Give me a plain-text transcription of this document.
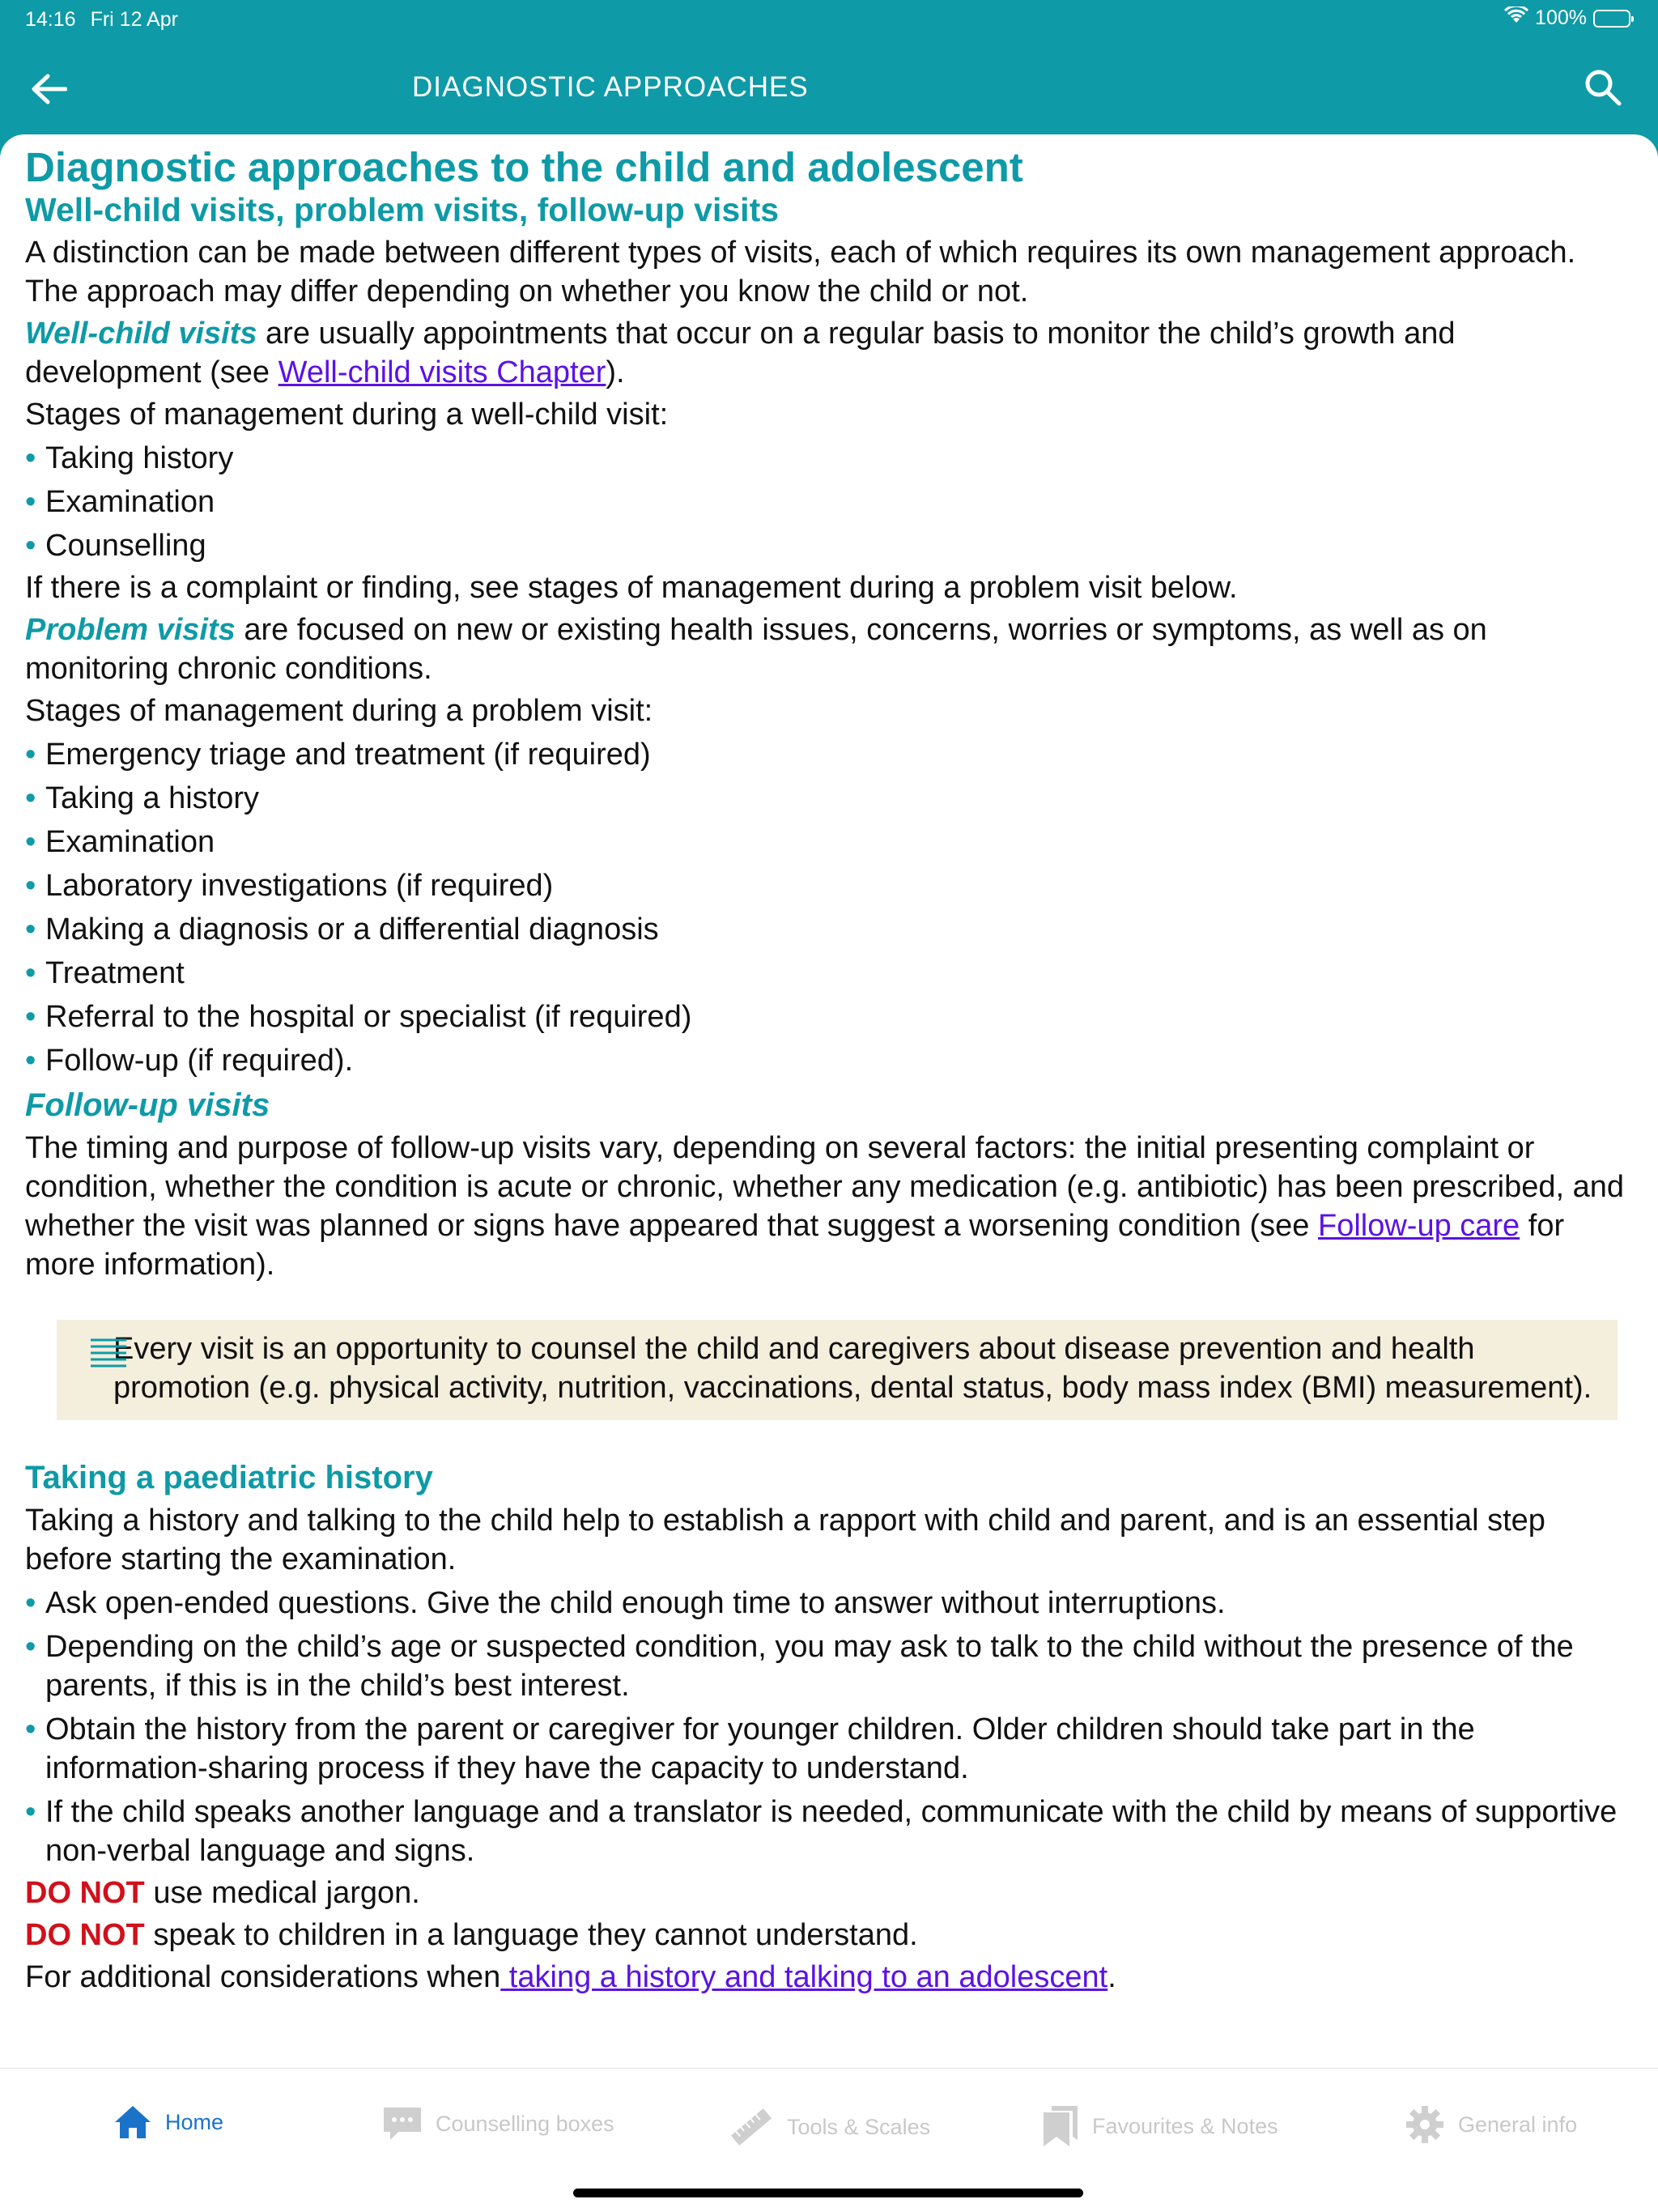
14:16 Fri 12 Apr	100%
DIAGNOSTIC APPROACHES
Diagnostic approaches to the child and adolescent
Well-child visits, problem visits, follow-up visits

A distinction can be made between different types of visits, each of which requires its own management approach. The approach may differ depending on whether you know the child or not.

Well-child visits are usually appointments that occur on a regular basis to monitor the child’s growth and development (see Well-child visits Chapter).

Stages of management during a well-child visit:

• Taking history
• Examination
• Counselling

If there is a complaint or finding, see stages of management during a problem visit below.

Problem visits are focused on new or existing health issues, concerns, worries or symptoms, as well as on monitoring chronic conditions.

Stages of management during a problem visit:

• Emergency triage and treatment (if required)
• Taking a history
• Examination
• Laboratory investigations (if required)
• Making a diagnosis or a differential diagnosis
• Treatment
• Referral to the hospital or specialist (if required)
• Follow-up (if required).
Follow-up visits

The timing and purpose of follow-up visits vary, depending on several factors: the initial presenting complaint or condition, whether the condition is acute or chronic, whether any medication (e.g. antibiotic) has been prescribed, and whether the visit was planned or signs have appeared that suggest a worsening condition (see Follow-up care for more information).

Every visit is an opportunity to counsel the child and caregivers about disease prevention and health promotion (e.g. physical activity, nutrition, vaccinations, dental status, body mass index (BMI) measurement).

Taking a paediatric history

Taking a history and talking to the child help to establish a rapport with child and parent, and is an essential step before starting the examination.

• Ask open-ended questions. Give the child enough time to answer without interruptions.
• Depending on the child’s age or suspected condition, you may ask to talk to the child without the presence of the parents, if this is in the child’s best interest.
• Obtain the history from the parent or caregiver for younger children. Older children should take part in the information-sharing process if they have the capacity to understand.
• If the child speaks another language and a translator is needed, communicate with the child by means of supportive non-verbal language and signs.

DO NOT use medical jargon.

DO NOT speak to children in a language they cannot understand.

For additional considerations when taking a history and talking to an adolescent.

Home	Counselling boxes	Tools & Scales	Favourites & Notes	General info
